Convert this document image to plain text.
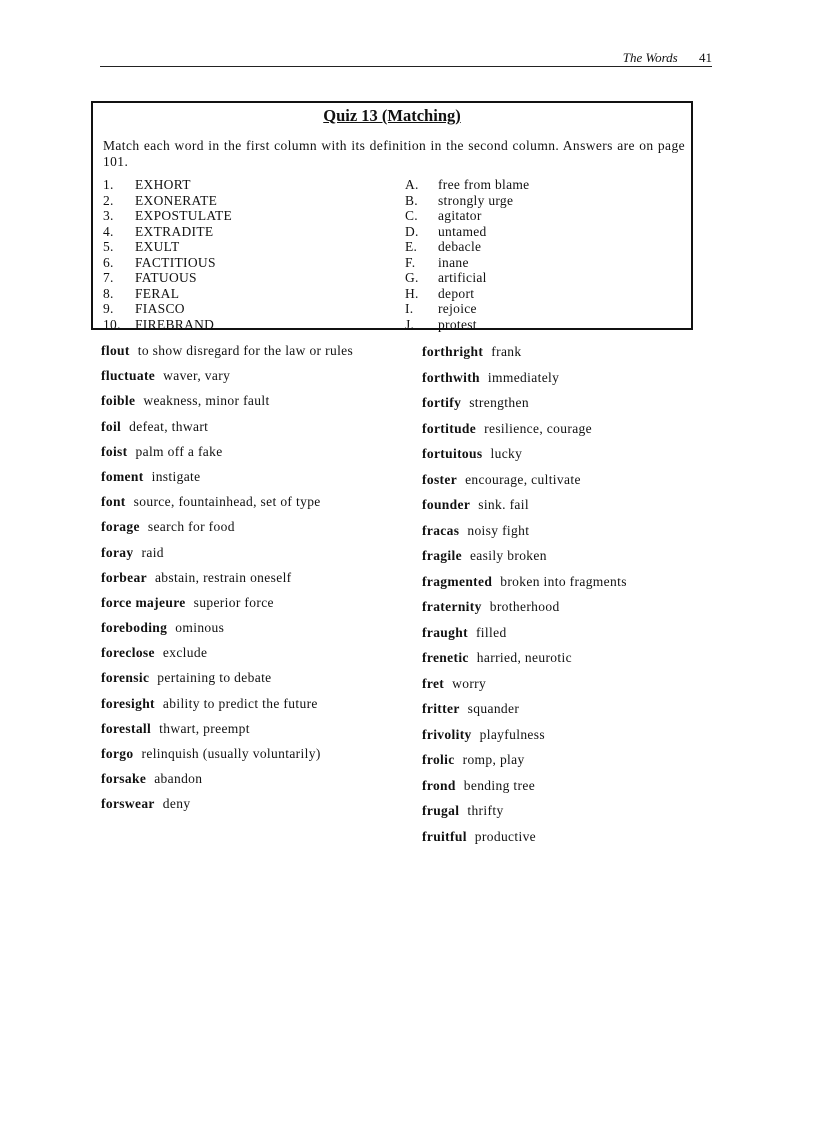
The Words 41
Quiz 13 (Matching)
Match each word in the first column with its definition in the second column. Answers are on page 101.
1. EXHORT	A. free from blame
2. EXONERATE	B. strongly urge
3. EXPOSTULATE	C. agitator
4. EXTRADITE	D. untamed
5. EXULT	E. debacle
6. FACTITIOUS	F. inane
7. FATUOUS	G. artificial
8. FERAL	H. deport
9. FIASCO	I. rejoice
10. FIREBRAND	J. protest
flout to show disregard for the law or rules
fluctuate waver, vary
foible weakness, minor fault
foil defeat, thwart
foist palm off a fake
foment instigate
font source, fountainhead, set of type
forage search for food
foray raid
forbear abstain, restrain oneself
force majeure superior force
foreboding ominous
foreclose exclude
forensic pertaining to debate
foresight ability to predict the future
forestall thwart, preempt
forgo relinquish (usually voluntarily)
forsake abandon
forswear deny
forthright frank
forthwith immediately
fortify strengthen
fortitude resilience, courage
fortuitous lucky
foster encourage, cultivate
founder sink. fail
fracas noisy fight
fragile easily broken
fragmented broken into fragments
fraternity brotherhood
fraught filled
frenetic harried, neurotic
fret worry
fritter squander
frivolity playfulness
frolic romp, play
frond bending tree
frugal thrifty
fruitful productive
